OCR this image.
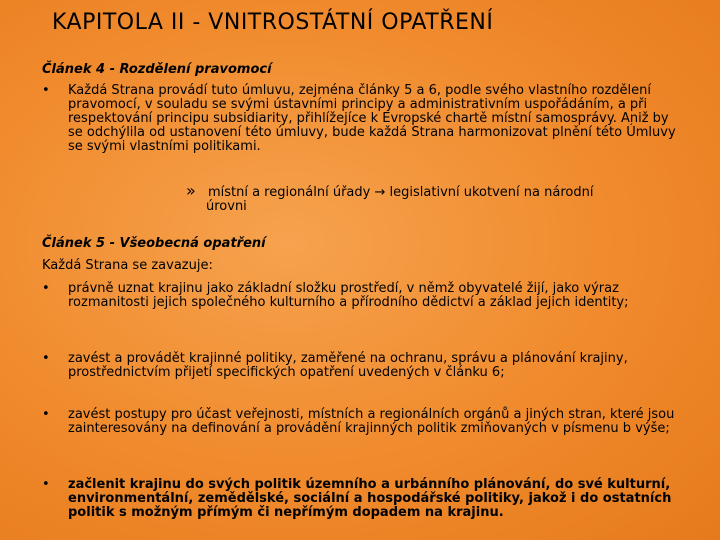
KAPITOLA II - VNITROSTÁTNÍ OPATŘENÍ
Článek 4 - Rozdělení pravomocí
• Každá Strana provádí tuto úmluvu, zejména články 5 a 6, podle svého vlastního rozdělení pravomocí, v souladu se svými ústavními principy a administrativním uspořádáním, a při respektování principu subsidiarity, přihlížejíce k Evropské chartě místní samosprávy. Aniž by se odchýlila od ustanovení této úmluvy, bude každá Strana harmonizovat plnění této Úmluvy se svými vlastními politikami.
» místní a regionální úřady → legislativní ukotvení na národní
úrovni
Článek 5 - Všeobecná opatření
Každá Strana se zavazuje:
• právně uznat krajinu jako základní složku prostředí, v němž obyvatelé žijí, jako výraz rozmanitosti jejich společného kulturního a přírodního dědictví a základ jejich identity;
• zavést a provádět krajinné politiky, zaměřené na ochranu, správu a plánování krajiny, prostřednictvím přijetí specifických opatření uvedených v článku 6;
• zavést postupy pro účast veřejnosti, místních a regionálních orgánů a jiných stran, které jsou zainteresovány na definování a provádění krajinných politik zmiňovaných v písmenu b výše;
• začlenit krajinu do svých politik územního a urbánního plánování, do své kulturní, environmentální, zemědělské, sociální a hospodářské politiky, jakož i do ostatních politik s možným přímým či nepřímým dopadem na krajinu.
